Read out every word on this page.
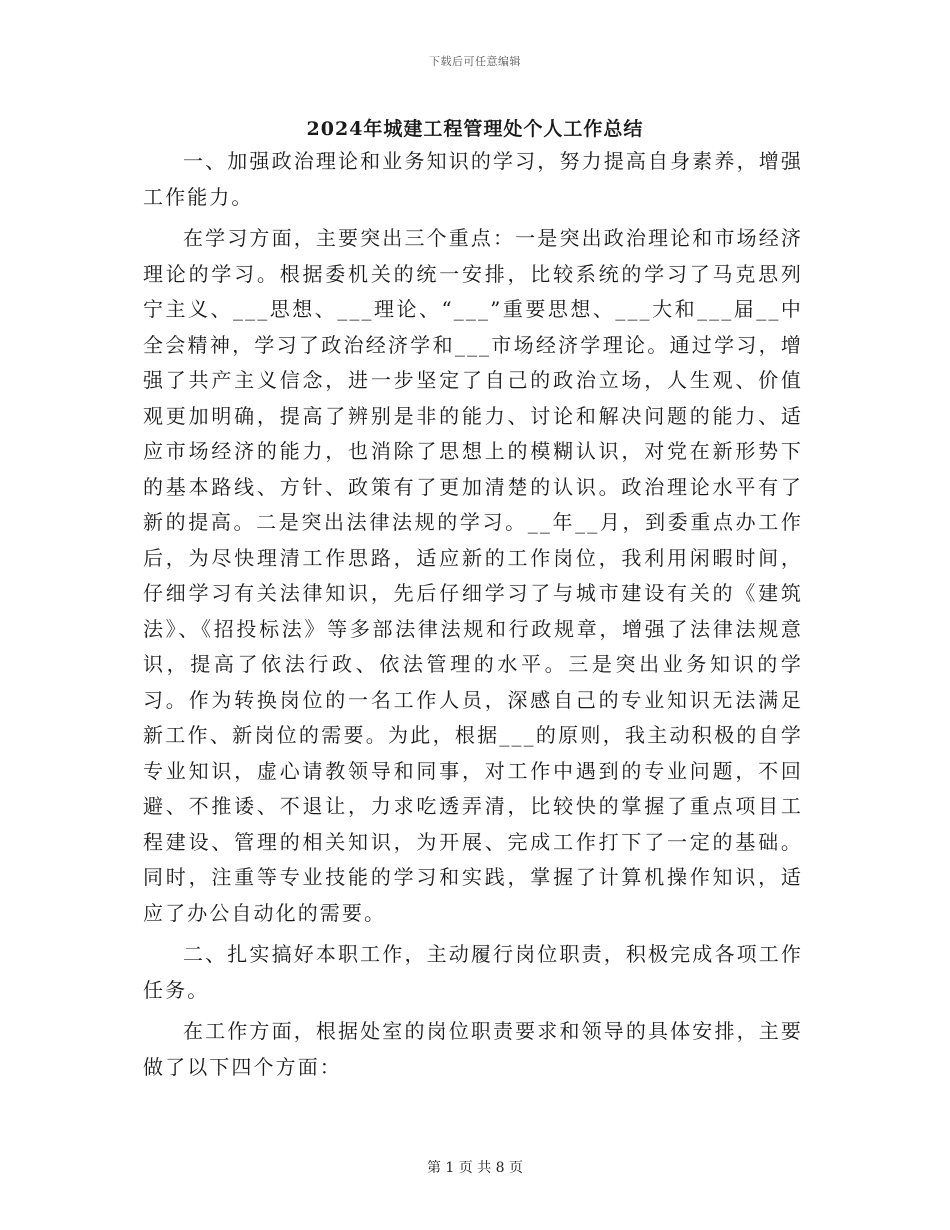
下载后可任意编辑
2024年城建工程管理处个人工作总结

一、加强政治理论和业务知识的学习，努力提高自身素养，增强工作能力。

在学习方面，主要突出三个重点：一是突出政治理论和市场经济理论的学习。根据委机关的统一安排，比较系统的学习了马克思列宁主义、___思想、___理论、“___”重要思想、___大和___届__中全会精神，学习了政治经济学和___市场经济学理论。通过学习，增强了共产主义信念，进一步坚定了自己的政治立场，人生观、价值观更加明确，提高了辨别是非的能力、讨论和解决问题的能力、适应市场经济的能力，也消除了思想上的模糊认识，对党在新形势下的基本路线、方针、政策有了更加清楚的认识。政治理论水平有了新的提高。二是突出法律法规的学习。__年__月，到委重点办工作后，为尽快理清工作思路，适应新的工作岗位，我利用闲暇时间，仔细学习有关法律知识，先后仔细学习了与城市建设有关的《建筑法》、《招投标法》等多部法律法规和行政规章，增强了法律法规意识，提高了依法行政、依法管理的水平。三是突出业务知识的学习。作为转换岗位的一名工作人员，深感自己的专业知识无法满足新工作、新岗位的需要。为此，根据___的原则，我主动积极的自学专业知识，虚心请教领导和同事，对工作中遇到的专业问题，不回避、不推诿、不退让，力求吃透弄清，比较快的掌握了重点项目工程建设、管理的相关知识，为开展、完成工作打下了一定的基础。同时，注重等专业技能的学习和实践，掌握了计算机操作知识，适应了办公自动化的需要。

二、扎实搞好本职工作，主动履行岗位职责，积极完成各项工作任务。

在工作方面，根据处室的岗位职责要求和领导的具体安排，主要做了以下四个方面：

第 1 页 共 8 页
